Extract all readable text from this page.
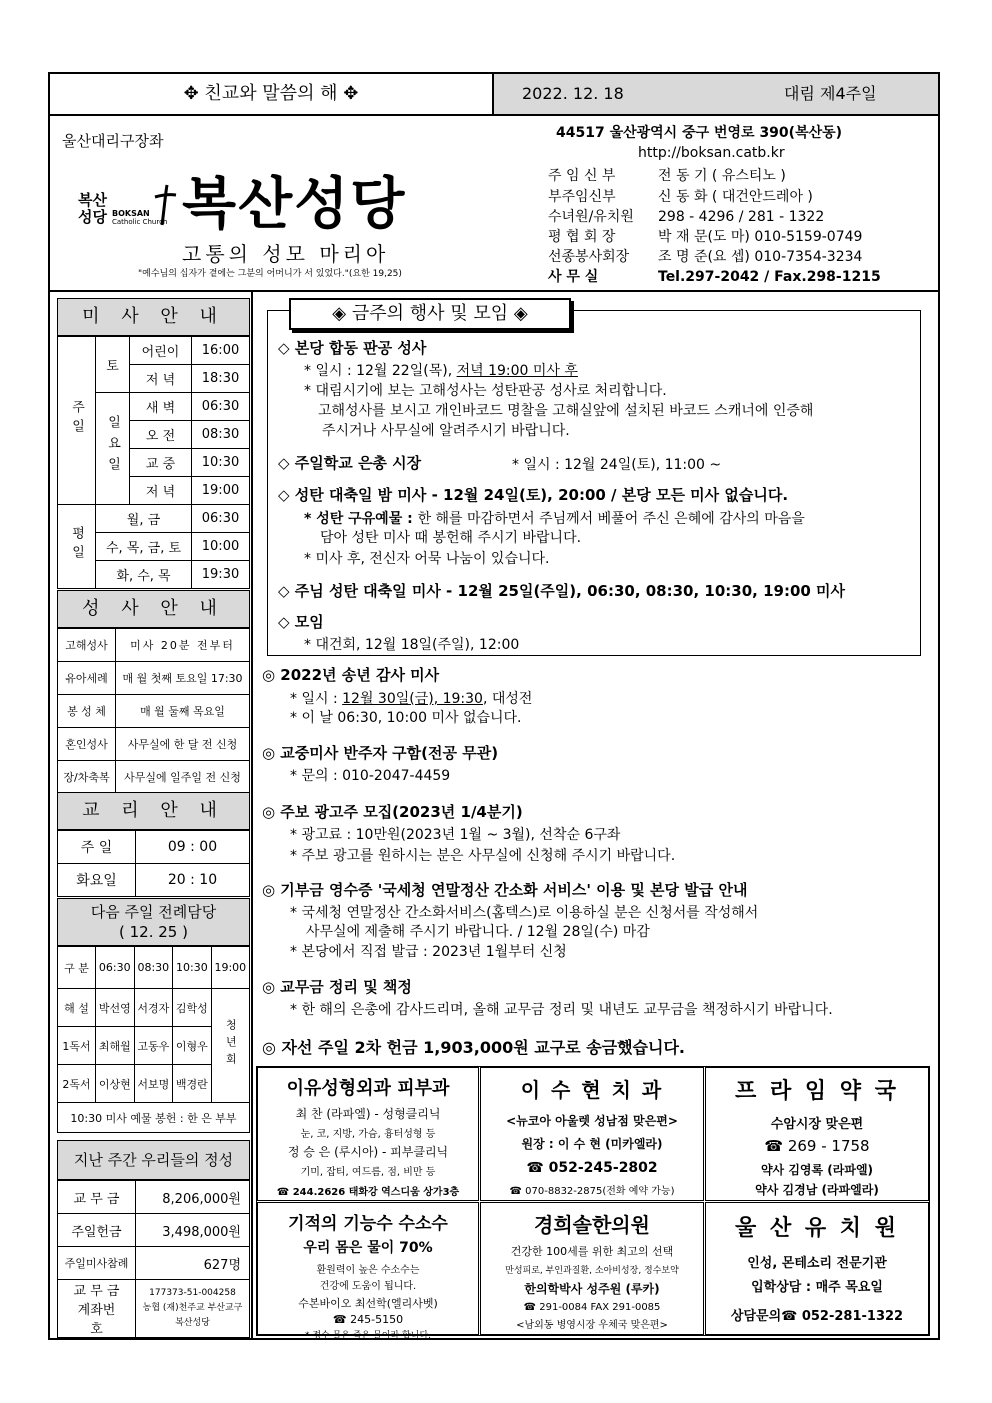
✥ 친교와 말씀의 해 ✥	2022. 12. 18	대림 제4주일
울산대리구장좌
복산
성당 BOKSAN
Catholic Church 복산성당
고통의 성모 마리아
"예수님의 십자가 곁에는 그분의 어머니가 서 있었다."(요한 19,25)
44517 울산광역시 중구 번영로 390(복산동)
http://boksan.catb.kr
주 임 신 부	전 동 기 ( 유스티노 )
부주임신부	신 동 화 ( 대건안드레아 )
수녀원/유치원 298 - 4296 / 281 - 1322
평 협 회 장	박 재 문(도 마) 010-5159-0749
선종봉사회장 조 명 준(요 셉) 010-7354-3234
사 무 실	Tel.297-2042 / Fax.298-1215
미 사 안 내
주일	토	어린이	16:00
		저 녁	18:30
	일요일	새 벽	06:30
		오 전	08:30
		교 중	10:30
		저 녁	19:00
평일	월, 금		06:30
	수, 목, 금, 토		10:00
	화, 수, 목		19:30
성 사 안 내
고해성사	미사 20분 전부터
유아세례	매 월 첫째 토요일 17:30
봉 성 체	매 월 둘째 목요일
혼인성사	사무실에 한 달 전 신청
장/차축복	사무실에 일주일 전 신청
교 리 안 내
주 일	09 : 00
화요일	20 : 10
다음 주일 전례담당
( 12. 25 )
구 분	06:30	08:30	10:30	19:00
해 설	박선영	서경자	김학성	청년회
1독서	최해월	고동우	이형우	
2독서	이상현	서보명	백경란	
10:30 미사 예물 봉헌 : 한 은 부부				
지난 주간 우리들의 정성
교 무 금	8,206,000원
주일헌금	3,498,000원
주일미사참례	627명
교 무 금 계좌번호	177373-51-004258
농협 (재)천주교 부산교구
복산성당
◈ 금주의 행사 및 모임 ◈
◇ 본당 합동 판공 성사
* 일시 : 12월 22일(목), 저녁 19:00 미사 후
* 대림시기에 보는 고해성사는 성탄판공 성사로 처리합니다.
고해성사를 보시고 개인바코드 명찰을 고해실앞에 설치된 바코드 스캐너에 인증해
주시거나 사무실에 알려주시기 바랍니다.
◇ 주일학교 은총 시장	* 일시 : 12월 24일(토), 11:00 ~
◇ 성탄 대축일 밤 미사 - 12월 24일(토), 20:00 / 본당 모든 미사 없습니다.
* 성탄 구유예물 : 한 해를 마감하면서 주님께서 베풀어 주신 은혜에 감사의 마음을
담아 성탄 미사 때 봉헌해 주시기 바랍니다.
* 미사 후, 전신자 어묵 나눔이 있습니다.
◇ 주님 성탄 대축일 미사 - 12월 25일(주일), 06:30, 08:30, 10:30, 19:00 미사
◇ 모임
* 대건회, 12월 18일(주일), 12:00
◎ 2022년 송년 감사 미사
* 일시 : 12월 30일(금), 19:30, 대성전
* 이 날 06:30, 10:00 미사 없습니다.
◎ 교중미사 반주자 구함(전공 무관)
* 문의 : 010-2047-4459
◎ 주보 광고주 모집(2023년 1/4분기)
* 광고료 : 10만원(2023년 1월 ~ 3월), 선착순 6구좌
* 주보 광고를 원하시는 분은 사무실에 신청해 주시기 바랍니다.
◎ 기부금 영수증 '국세청 연말정산 간소화 서비스' 이용 및 본당 발급 안내
* 국세청 연말정산 간소화서비스(홈텍스)로 이용하실 분은 신청서를 작성해서
사무실에 제출해 주시기 바랍니다. / 12월 28일(수) 마감
* 본당에서 직접 발급 : 2023년 1월부터 신청
◎ 교무금 정리 및 책정
* 한 해의 은총에 감사드리며, 올해 교무금 정리 및 내년도 교무금을 책정하시기 바랍니다.
◎ 자선 주일 2차 헌금 1,903,000원 교구로 송금했습니다.
이유성형외과 피부과
최 찬 (라파엘) - 성형클리닉
눈, 코, 지방, 가슴, 흉터성형 등
정 승 은 (루시아) - 피부클리닉
기미, 잡티, 여드름, 점, 비만 등
☎ 244.2626 태화강 역스디움 상가3층
이 수 현 치 과
<뉴코아 아울렛 성남점 맞은편>
원장 : 이 수 현 (미카엘라)
☎ 052-245-2802
☎ 070-8832-2875(전화 예약 가능)
프 라 임 약 국
수암시장 맞은편
☎ 269 - 1758
약사 김영록 (라파엘)
약사 김경남 (라파엘라)
기적의 기능수 수소수
우리 몸은 물이 70%
환원력이 높은 수소수는
건강에 도움이 됩니다.
수본바이오 최선학(엘리사벳)
☎ 245-5150
* 정수 물은 죽은 물이라 합니다.
경희솔한의원
건강한 100세를 위한 최고의 선택
만성피로, 부인과질환, 소아비성장, 정수보약
한의학박사 성주원 (루카)
☎ 291-0084 FAX 291-0085
<남외동 병영시장 우체국 맞은편>
울 산 유 치 원
인성, 몬테소리 전문기관
입학상담 : 매주 목요일
상담문의☎ 052-281-1322
